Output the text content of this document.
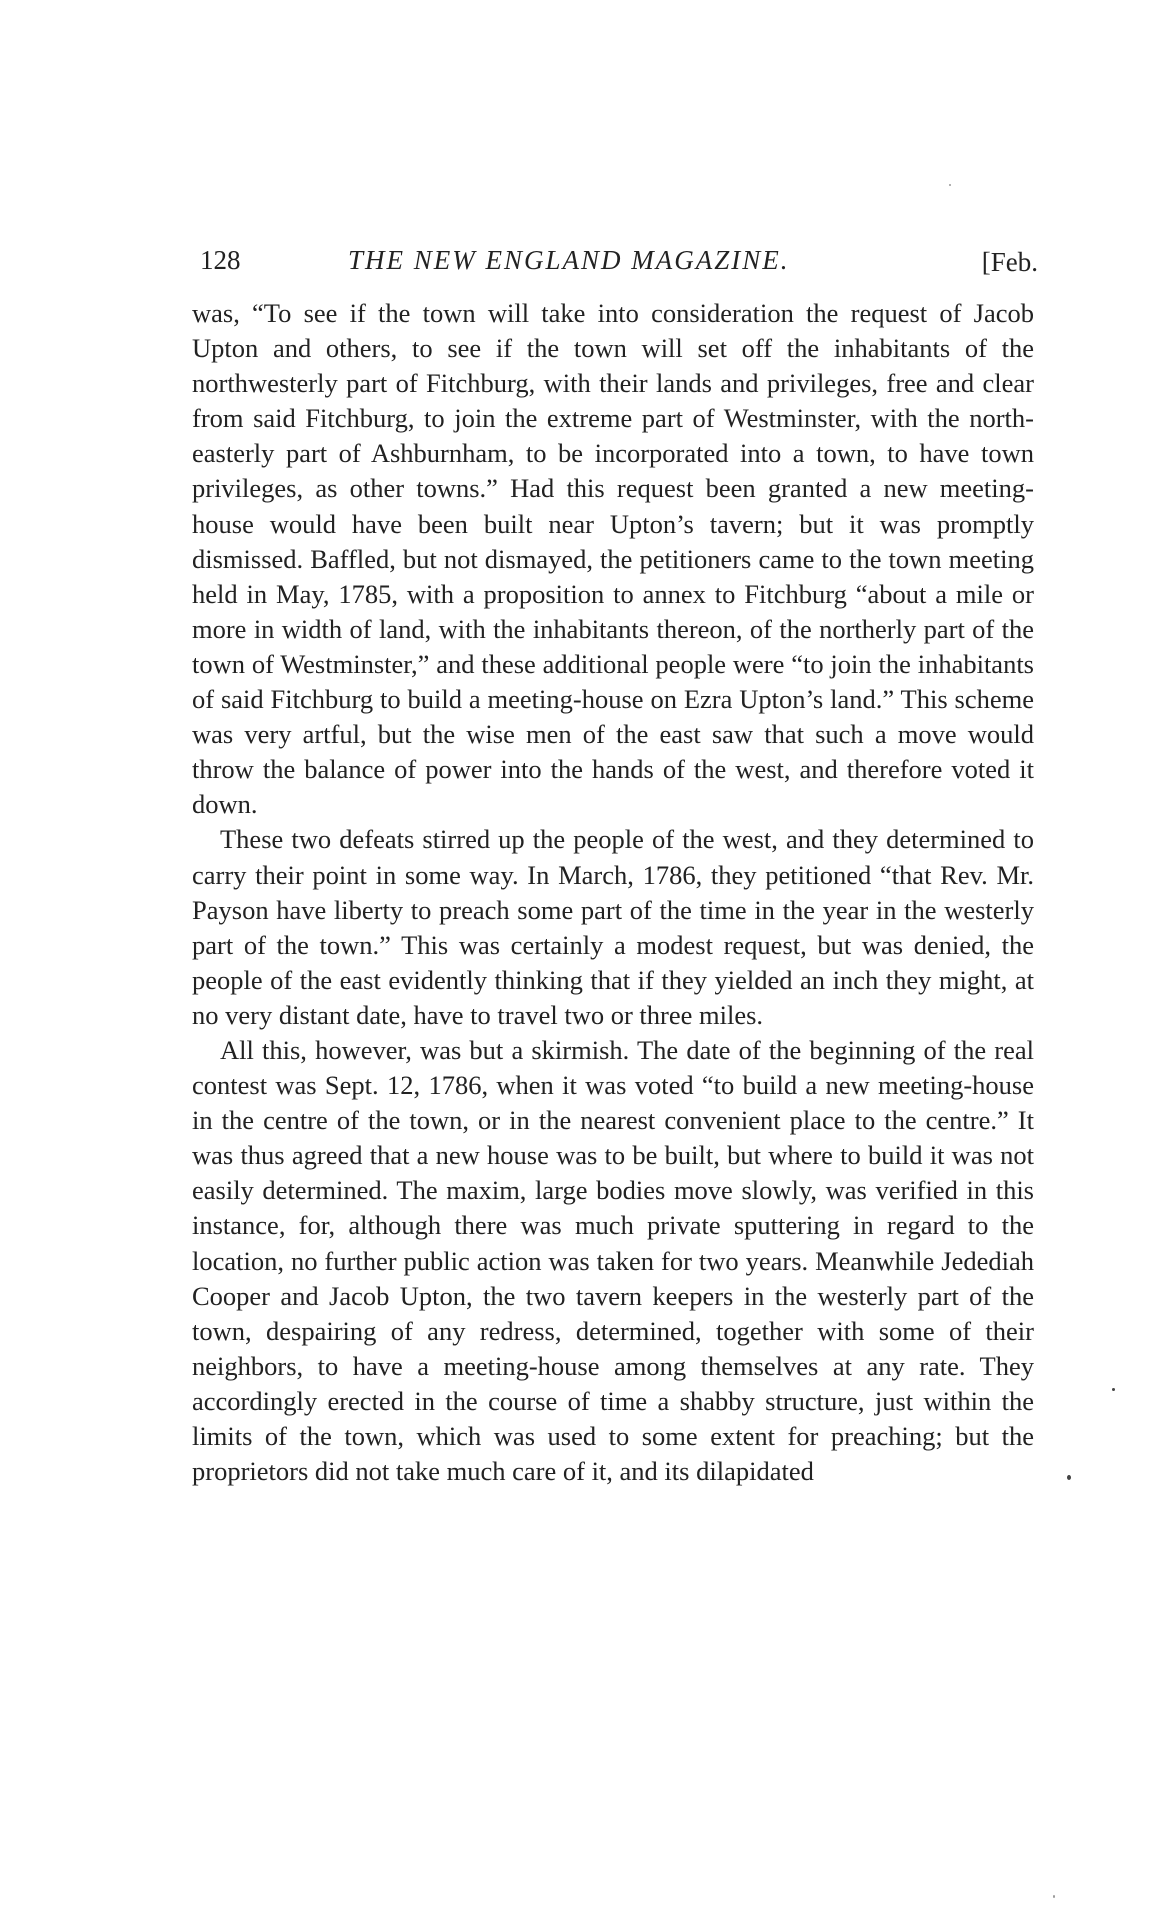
128	THE NEW ENGLAND MAGAZINE.	[Feb.

was, “To see if the town will take into consideration the request of Jacob Upton and others, to see if the town will set off the inhabitants of the northwesterly part of Fitchburg, with their lands and privileges, free and clear from said Fitchburg, to join the extreme part of Westminster, with the north-easterly part of Ashburnham, to be incorporated into a town, to have town privileges, as other towns.” Had this request been granted a new meeting-house would have been built near Upton’s tavern; but it was promptly dismissed. Baffled, but not dismayed, the petitioners came to the town meeting held in May, 1785, with a proposition to annex to Fitchburg “about a mile or more in width of land, with the inhabitants thereon, of the northerly part of the town of Westminster,” and these additional people were “to join the inhabitants of said Fitchburg to build a meeting-house on Ezra Upton’s land.” This scheme was very artful, but the wise men of the east saw that such a move would throw the balance of power into the hands of the west, and therefore voted it down.

These two defeats stirred up the people of the west, and they determined to carry their point in some way. In March, 1786, they petitioned “that Rev. Mr. Payson have liberty to preach some part of the time in the year in the westerly part of the town.” This was certainly a modest request, but was denied, the people of the east evidently thinking that if they yielded an inch they might, at no very distant date, have to travel two or three miles.

All this, however, was but a skirmish. The date of the beginning of the real contest was Sept. 12, 1786, when it was voted “to build a new meeting-house in the centre of the town, or in the nearest convenient place to the centre.” It was thus agreed that a new house was to be built, but where to build it was not easily determined. The maxim, large bodies move slowly, was verified in this instance, for, although there was much private sputtering in regard to the location, no further public action was taken for two years. Meanwhile Jedediah Cooper and Jacob Upton, the two tavern keepers in the westerly part of the town, despairing of any redress, determined, together with some of their neighbors, to have a meeting-house among themselves at any rate. They accordingly erected in the course of time a shabby structure, just within the limits of the town, which was used to some extent for preaching; but the proprietors did not take much care of it, and its dilapidated
